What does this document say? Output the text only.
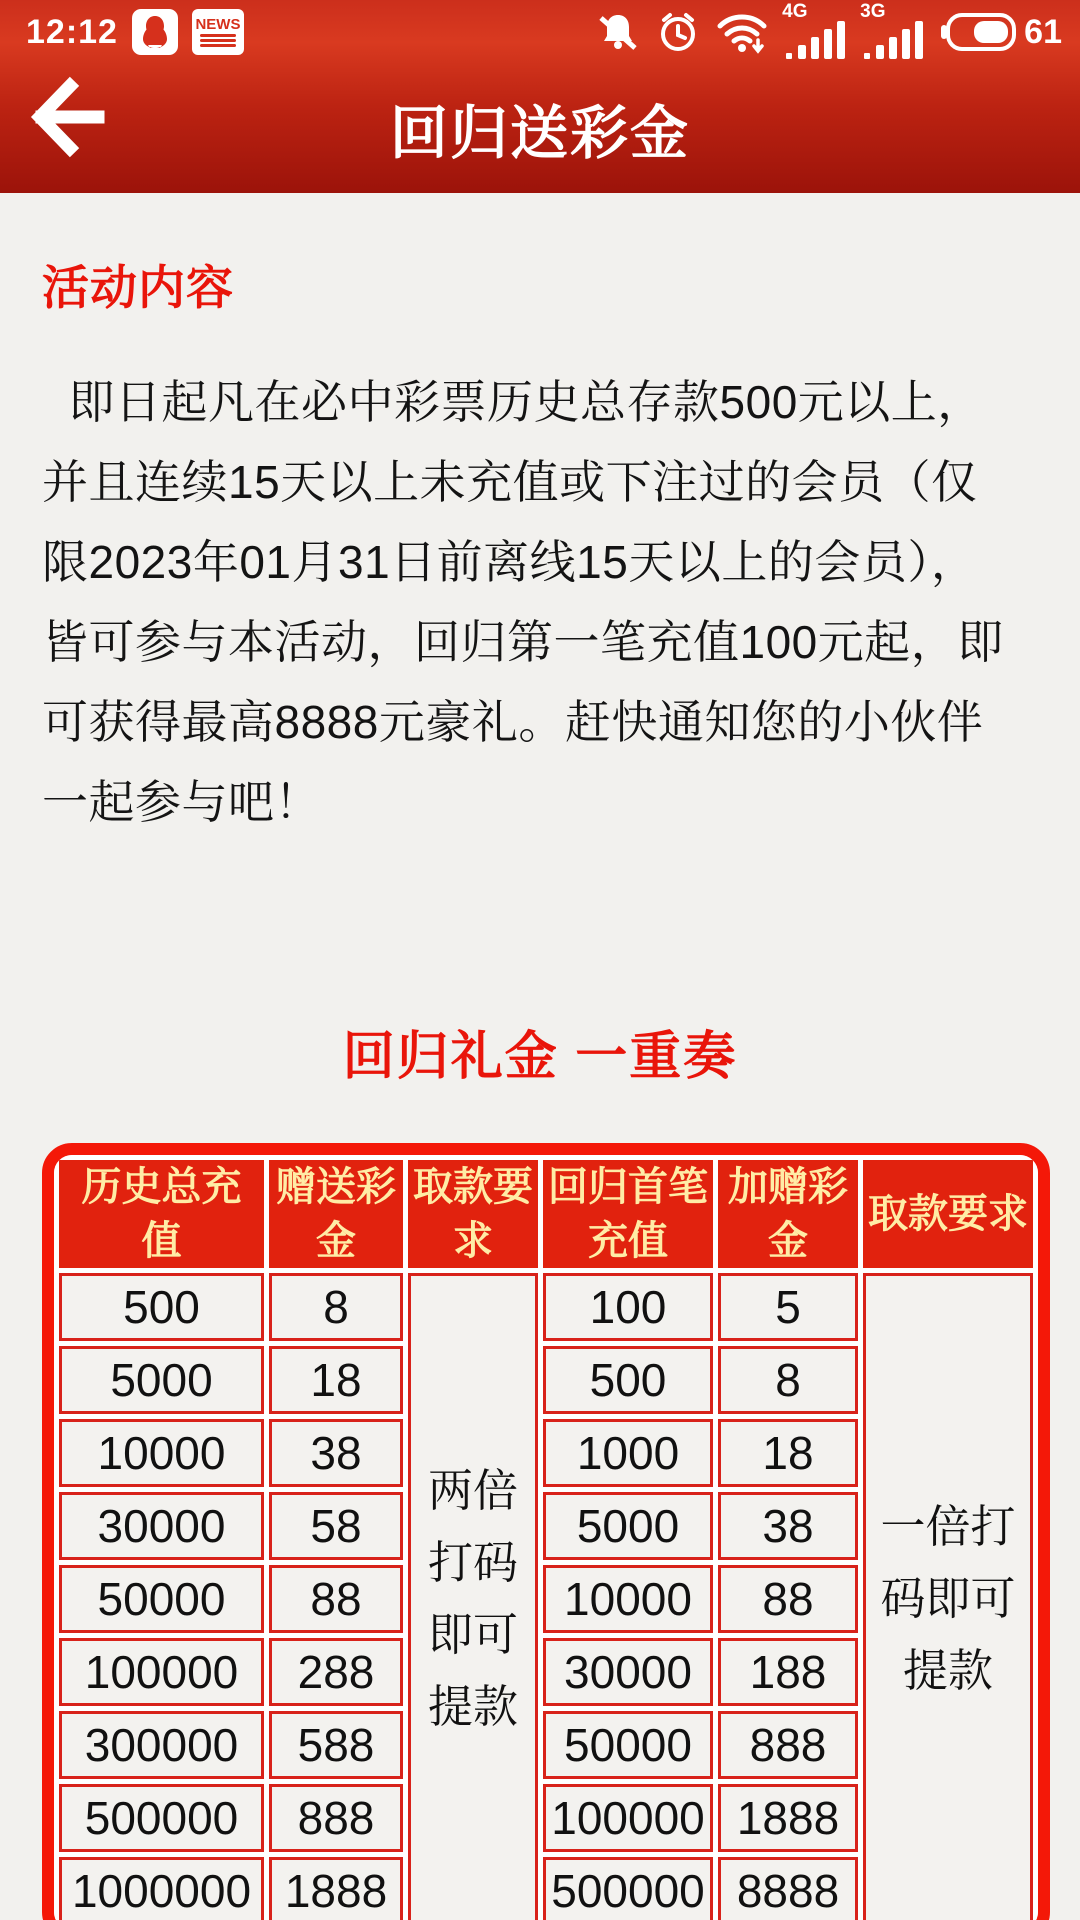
12:12	NEWS
4G	3G
61
回归送彩金
活动内容
即日起凡在必中彩票历史总存款500元以上，
并且连续15天以上未充值或下注过的会员（仅
限2023年01月31日前离线15天以上的会员），
皆可参与本活动，回归第一笔充值100元起，即
可获得最高8888元豪礼。赶快通知您的小伙伴
一起参与吧！
回归礼金 一重奏
历史总充值	赠送彩金	取款要求	回归首笔充值	加赠彩金	取款要求
500	8	两倍打码即可提款	100	5	一倍打码即可提款
5000	18		500	8	
10000	38		1000	18	
30000	58		5000	38	
50000	88		10000	88	
100000	288		30000	188	
300000	588		50000	888	
500000	888		100000	1888	
1000000	1888		500000	8888	
